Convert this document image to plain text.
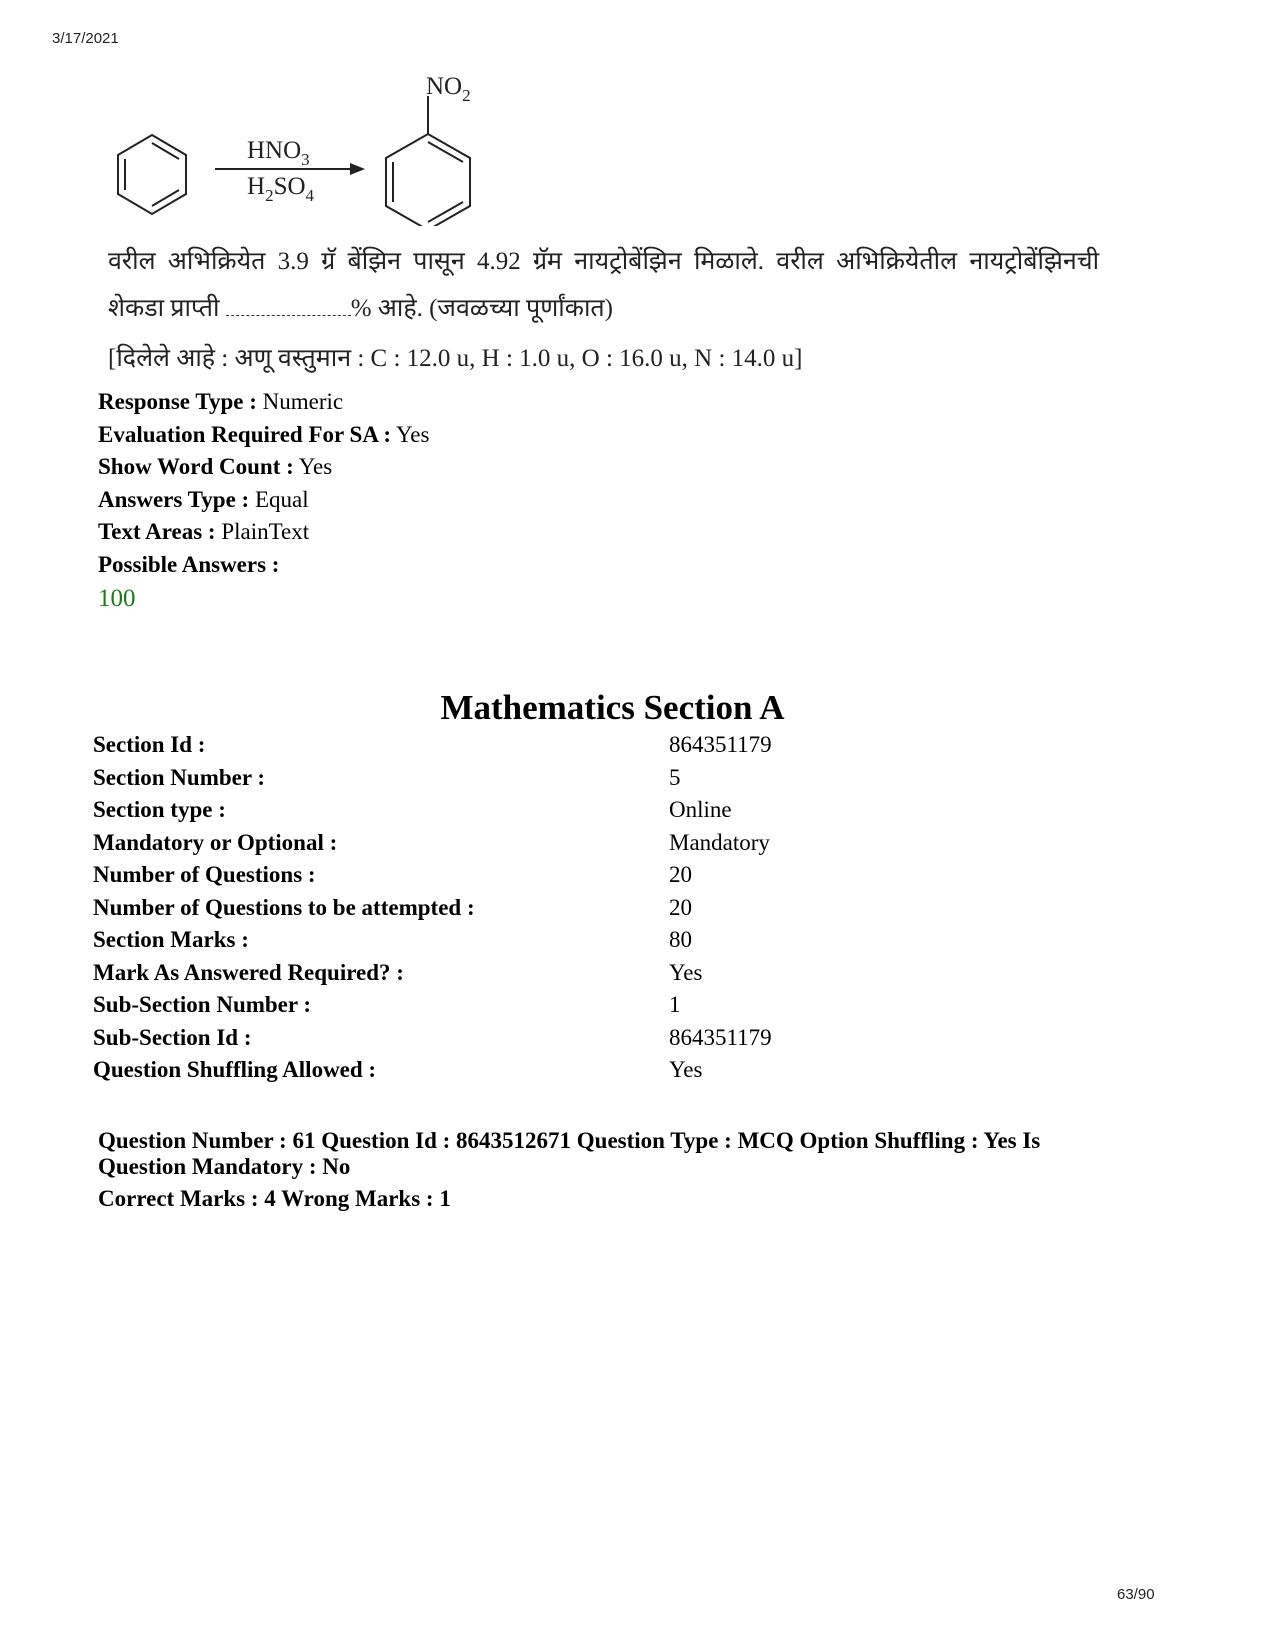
3/17/2021
$HNO_3$
$H_2SO_4$
$NO_2$
वरील अभिक्रियेत 3.9 ग्रॅ बेंझिन पासून 4.92 ग्रॅम नायट्रोबेंझिन मिळाले. वरील अभिक्रियेतील नायट्रोबेंझिनची
शेकडा प्राप्ती	% आहे. (जवळच्या पूर्णांकात)
[दिलेले आहे : अणू वस्तुमान : C : 12.0 u, H : 1.0 u, O : 16.0 u, N : 14.0 u]
Response Type : Numeric
Evaluation Required For SA : Yes
Show Word Count : Yes
Answers Type : Equal
Text Areas : PlainText
Possible Answers :
100
Mathematics Section A
Section Id :	864351179
Section Number :	5
Section type :	Online
Mandatory or Optional :	Mandatory
Number of Questions :	20
Number of Questions to be attempted :	20
Section Marks :	80
Mark As Answered Required? :	Yes
Sub-Section Number :	1
Sub-Section Id :	864351179
Question Shuffling Allowed :	Yes
Question Number : 61 Question Id : 8643512671 Question Type : MCQ Option Shuffling : Yes Is Question Mandatory : No
Correct Marks : 4 Wrong Marks : 1
63/90
